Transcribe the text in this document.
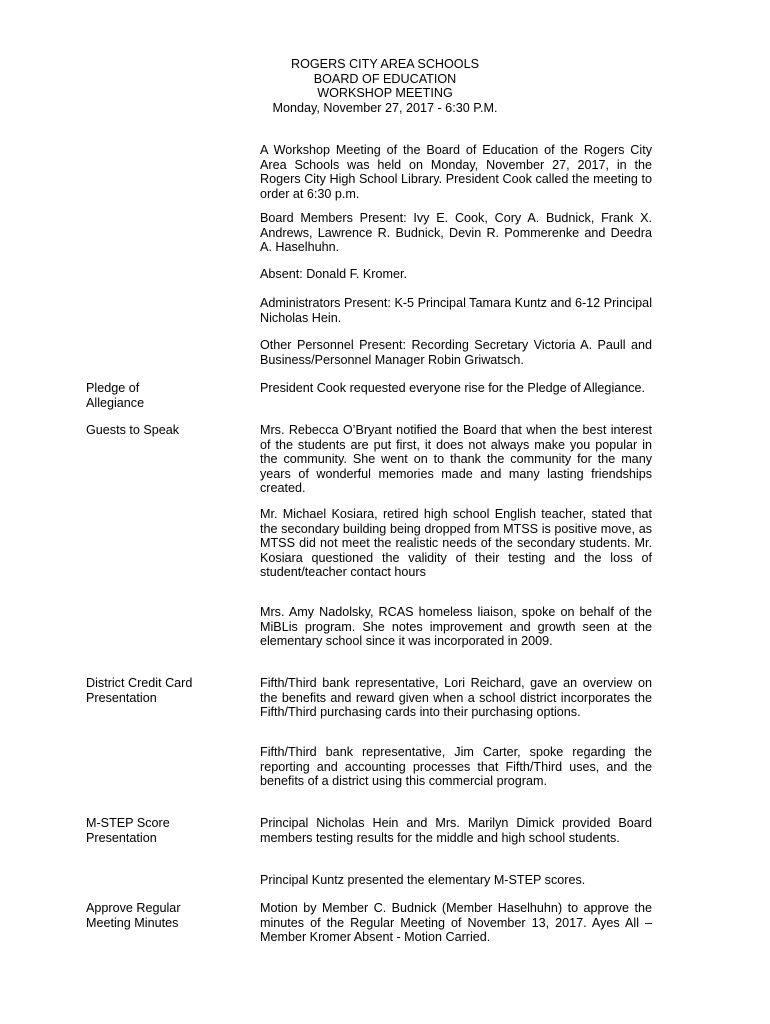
ROGERS CITY AREA SCHOOLS
BOARD OF EDUCATION
WORKSHOP MEETING
Monday, November 27, 2017 - 6:30 P.M.

A Workshop Meeting of the Board of Education of the Rogers City Area Schools was held on Monday, November 27, 2017, in the Rogers City High School Library. President Cook called the meeting to order at 6:30 p.m.

Board Members Present: Ivy E. Cook, Cory A. Budnick, Frank X. Andrews, Lawrence R. Budnick, Devin R. Pommerenke and Deedra A. Haselhuhn.

Absent: Donald F. Kromer.

Administrators Present: K-5 Principal Tamara Kuntz and 6-12 Principal Nicholas Hein.

Other Personnel Present: Recording Secretary Victoria A. Paull and Business/Personnel Manager Robin Griwatsch.

Pledge of
Allegiance

President Cook requested everyone rise for the Pledge of Allegiance.

Guests to Speak	Mrs. Rebecca O’Bryant notified the Board that when the best interest of the students are put first, it does not always make you popular in the community. She went on to thank the community for the many years of wonderful memories made and many lasting friendships created.

Mr. Michael Kosiara, retired high school English teacher, stated that the secondary building being dropped from MTSS is positive move, as MTSS did not meet the realistic needs of the secondary students. Mr. Kosiara questioned the validity of their testing and the loss of student/teacher contact hours

Mrs. Amy Nadolsky, RCAS homeless liaison, spoke on behalf of the MiBLis program. She notes improvement and growth seen at the elementary school since it was incorporated in 2009.

District Credit Card
Presentation

Fifth/Third bank representative, Lori Reichard, gave an overview on the benefits and reward given when a school district incorporates the Fifth/Third purchasing cards into their purchasing options.

Fifth/Third bank representative, Jim Carter, spoke regarding the reporting and accounting processes that Fifth/Third uses, and the benefits of a district using this commercial program.

M-STEP Score
Presentation

Principal Nicholas Hein and Mrs. Marilyn Dimick provided Board members testing results for the middle and high school students.

Principal Kuntz presented the elementary M-STEP scores.

Approve Regular
Meeting Minutes

Motion by Member C. Budnick (Member Haselhuhn) to approve the minutes of the Regular Meeting of November 13, 2017. Ayes All – Member Kromer Absent - Motion Carried.
